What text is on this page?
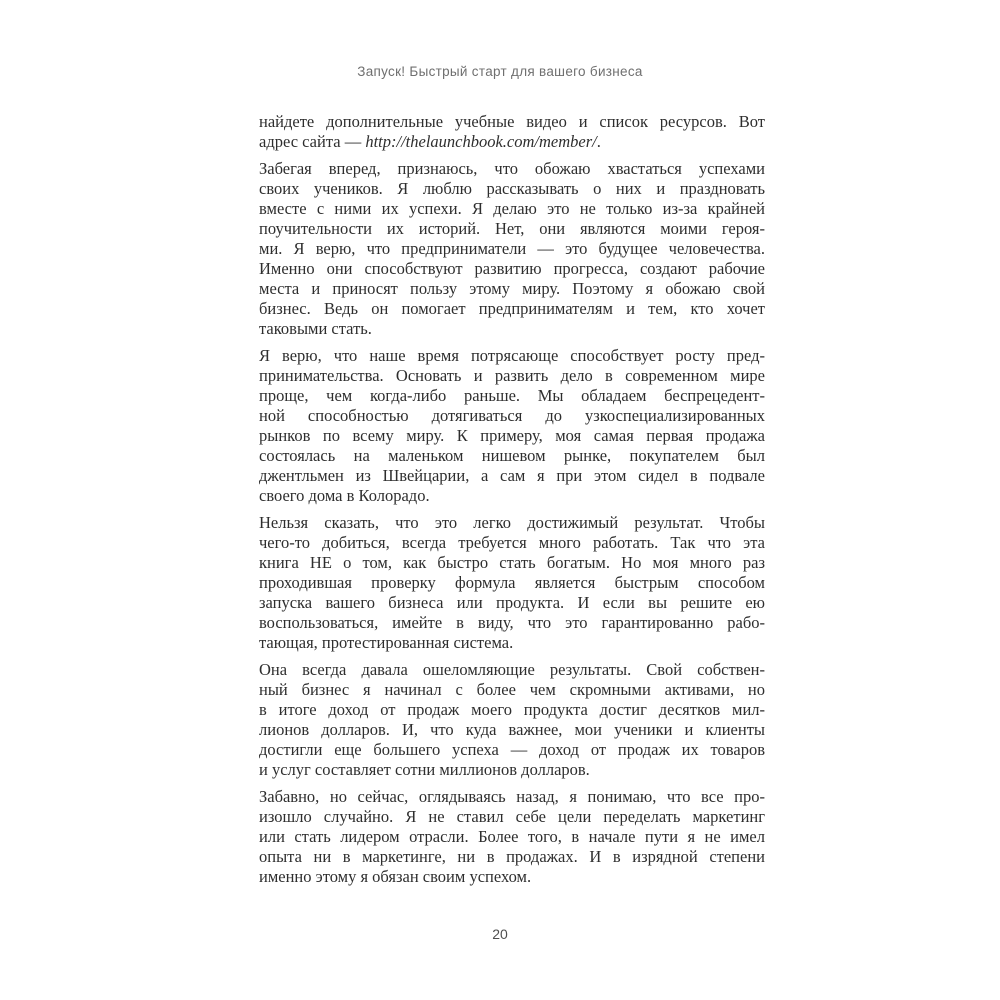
Запуск! Быстрый старт для вашего бизнеса
найдете дополнительные учебные видео и список ресурсов. Вот
адрес сайта — http://thelaunchbook.com/member/.
Забегая вперед, признаюсь, что обожаю хвастаться успехами
своих учеников. Я люблю рассказывать о них и праздновать
вместе с ними их успехи. Я делаю это не только из-за крайней
поучительности их историй. Нет, они являются моими героя-
ми. Я верю, что предприниматели — это будущее человечества.
Именно они способствуют развитию прогресса, создают рабочие
места и приносят пользу этому миру. Поэтому я обожаю свой
бизнес. Ведь он помогает предпринимателям и тем, кто хочет
таковыми стать.
Я верю, что наше время потрясающе способствует росту пред-
принимательства. Основать и развить дело в современном мире
проще, чем когда-либо раньше. Мы обладаем беспрецедент-
ной способностью дотягиваться до узкоспециализированных
рынков по всему миру. К примеру, моя самая первая продажа
состоялась на маленьком нишевом рынке, покупателем был
джентльмен из Швейцарии, а сам я при этом сидел в подвале
своего дома в Колорадо.
Нельзя сказать, что это легко достижимый результат. Чтобы
чего-то добиться, всегда требуется много работать. Так что эта
книга НЕ о том, как быстро стать богатым. Но моя много раз
проходившая проверку формула является быстрым способом
запуска вашего бизнеса или продукта. И если вы решите ею
воспользоваться, имейте в виду, что это гарантированно рабо-
тающая, протестированная система.
Она всегда давала ошеломляющие результаты. Свой собствен-
ный бизнес я начинал с более чем скромными активами, но
в итоге доход от продаж моего продукта достиг десятков мил-
лионов долларов. И, что куда важнее, мои ученики и клиенты
достигли еще большего успеха — доход от продаж их товаров
и услуг составляет сотни миллионов долларов.
Забавно, но сейчас, оглядываясь назад, я понимаю, что все про-
изошло случайно. Я не ставил себе цели переделать маркетинг
или стать лидером отрасли. Более того, в начале пути я не имел
опыта ни в маркетинге, ни в продажах. И в изрядной степени
именно этому я обязан своим успехом.
20
